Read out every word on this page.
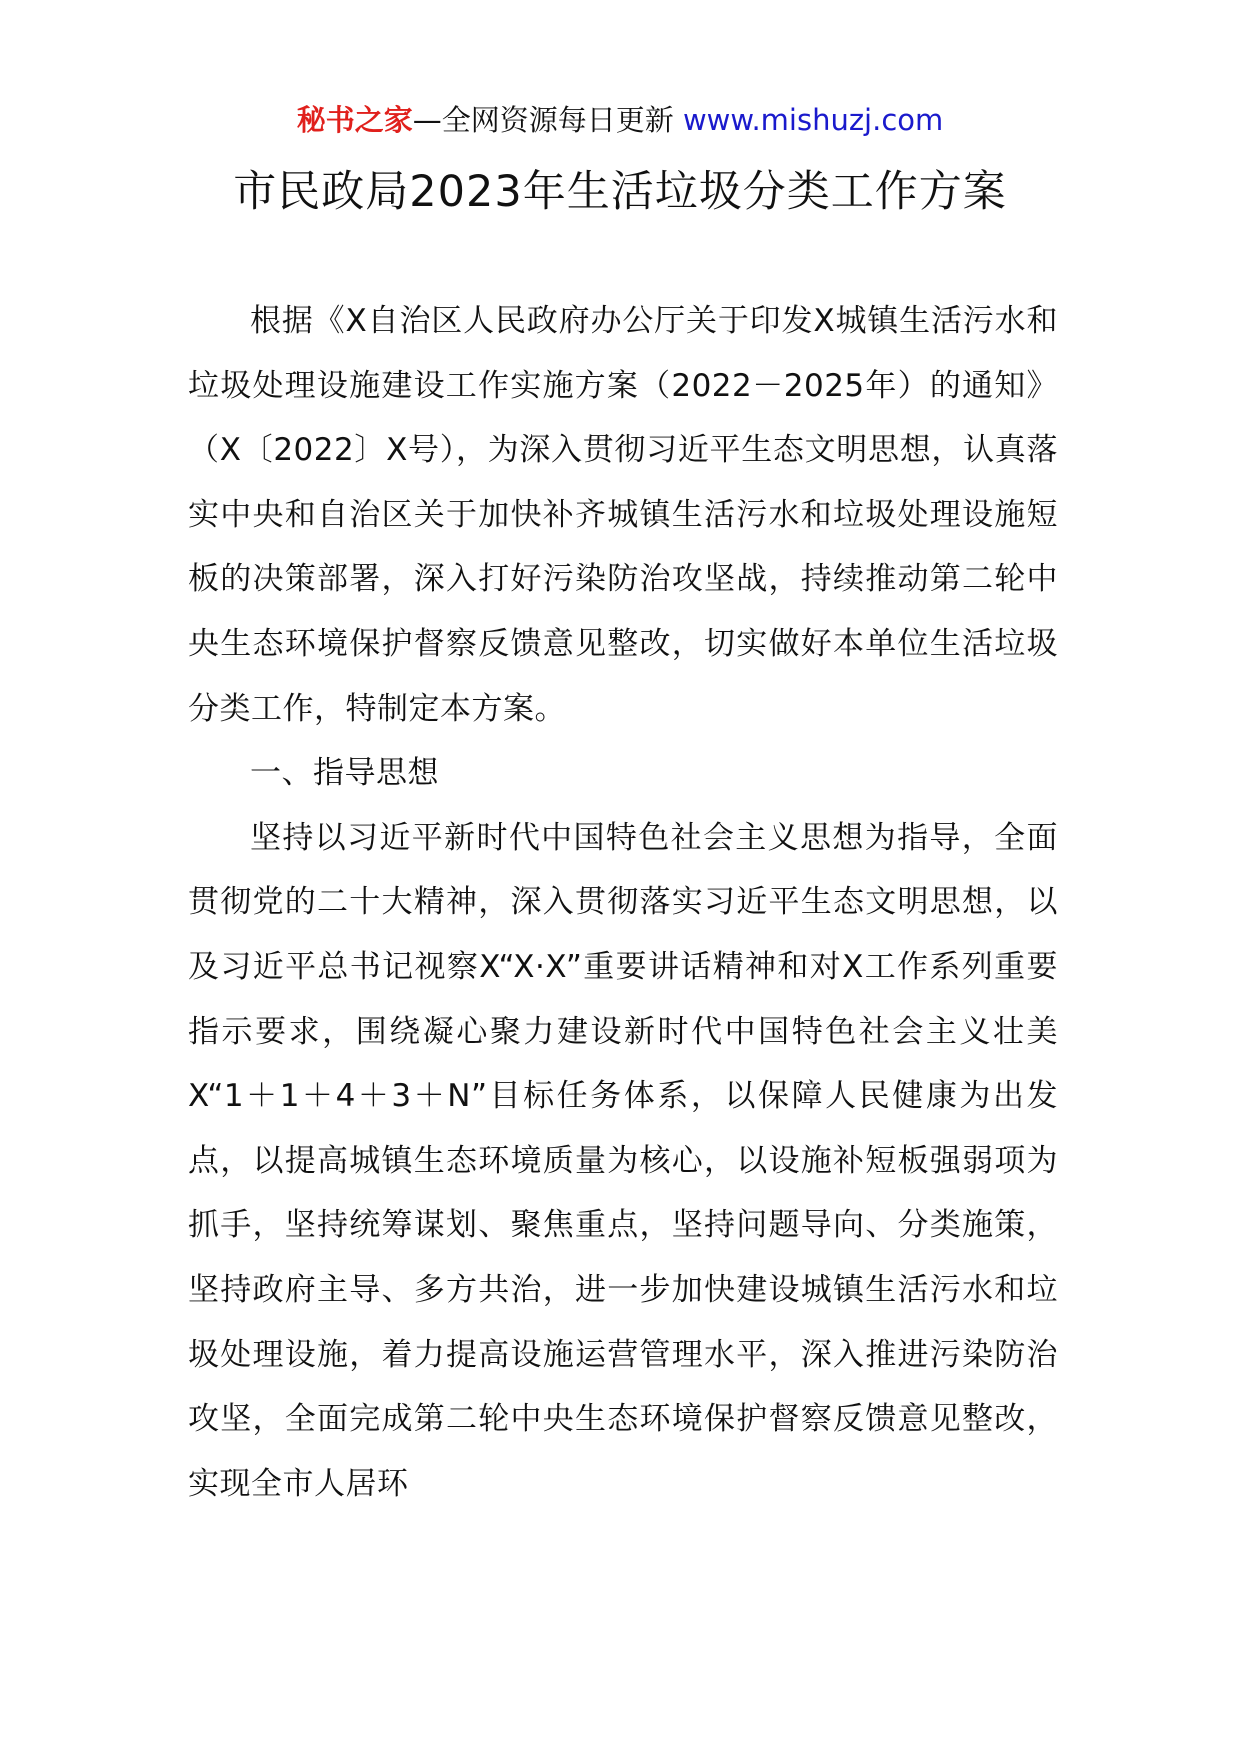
秘书之家—全网资源每日更新 www.mishuzj.com
市民政局2023年生活垃圾分类工作方案

根据《X自治区人民政府办公厅关于印发X城镇生活污水和垃圾处理设施建设工作实施方案（2022－2025年）的通知》（X〔2022〕X号），为深入贯彻习近平生态文明思想，认真落实中央和自治区关于加快补齐城镇生活污水和垃圾处理设施短板的决策部署，深入打好污染防治攻坚战，持续推动第二轮中央生态环境保护督察反馈意见整改，切实做好本单位生活垃圾分类工作，特制定本方案。

一、指导思想

坚持以习近平新时代中国特色社会主义思想为指导，全面贯彻党的二十大精神，深入贯彻落实习近平生态文明思想，以及习近平总书记视察X“X·X”重要讲话精神和对X工作系列重要指示要求，围绕凝心聚力建设新时代中国特色社会主义壮美X“1＋1＋4＋3＋N”目标任务体系，以保障人民健康为出发点，以提高城镇生态环境质量为核心，以设施补短板强弱项为抓手，坚持统筹谋划、聚焦重点，坚持问题导向、分类施策，坚持政府主导、多方共治，进一步加快建设城镇生活污水和垃圾处理设施，着力提高设施运营管理水平，深入推进污染防治攻坚，全面完成第二轮中央生态环境保护督察反馈意见整改，实现全市人居环
